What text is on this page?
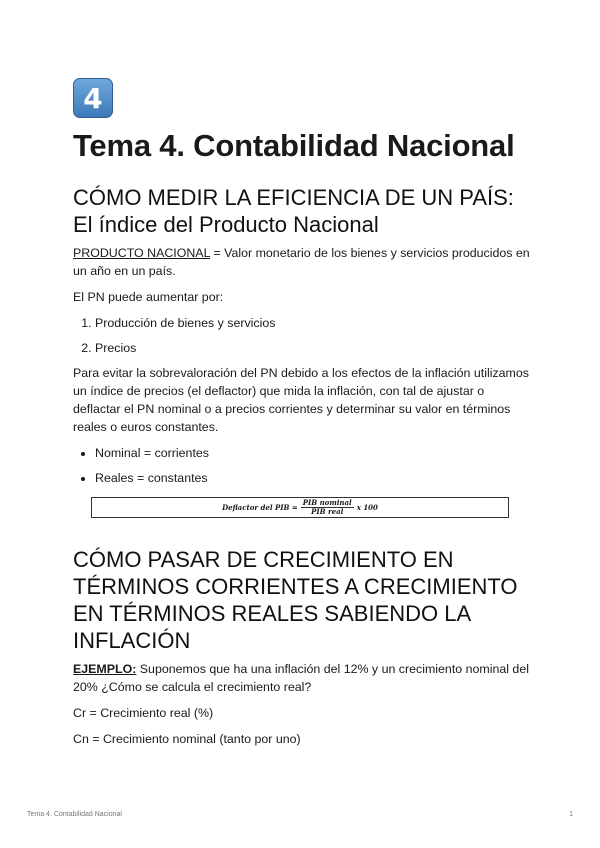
4
Tema 4. Contabilidad Nacional
CÓMO MEDIR LA EFICIENCIA DE UN PAÍS:
El índice del Producto Nacional

PRODUCTO NACIONAL = Valor monetario de los bienes y servicios producidos en un año en un país.

El PN puede aumentar por:

1. Producción de bienes y servicios
2. Precios

Para evitar la sobrevaloración del PN debido a los efectos de la inflación utilizamos un índice de precios (el deflactor) que mida la inflación, con tal de ajustar o deflactar el PN nominal o a precios corrientes y determinar su valor en términos reales o euros constantes.

• Nominal = corrientes
• Reales = constantes
Deflactor del PIB = $\frac{\text{PIB nominal}}{\text{PIB real}}$ x 100
CÓMO PASAR DE CRECIMIENTO EN TÉRMINOS CORRIENTES A CRECIMIENTO EN TÉRMINOS REALES SABIENDO LA INFLACIÓN

EJEMPLO: Suponemos que ha una inflación del 12% y un crecimiento nominal del 20% ¿Cómo se calcula el crecimiento real?

Cr = Crecimiento real (%)

Cn = Crecimiento nominal (tanto por uno)

Tema 4. Contabilidad Nacional	1
